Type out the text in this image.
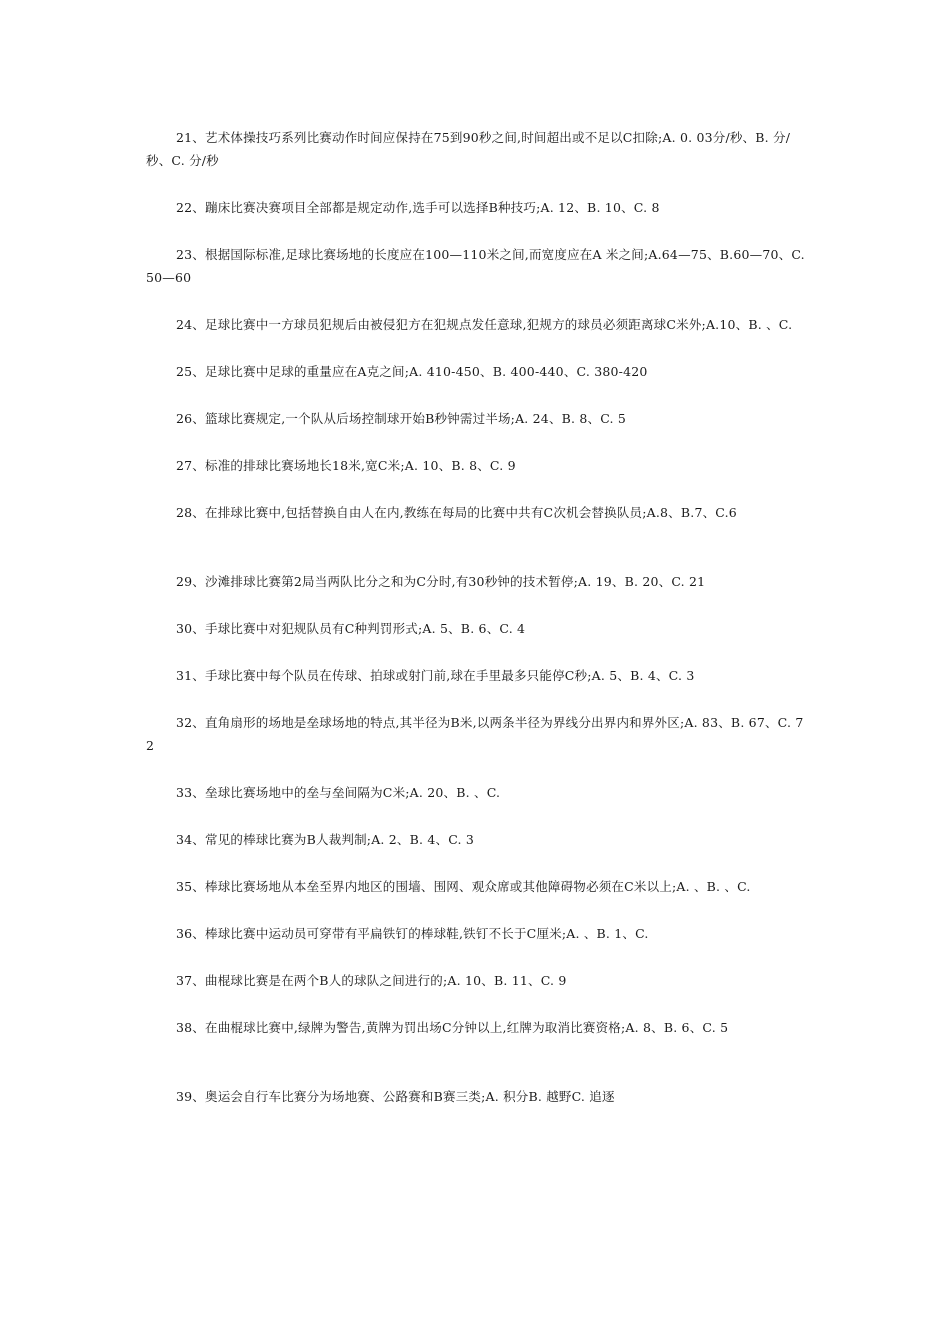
21、艺术体操技巧系列比赛动作时间应保持在75到90秒之间,时间超出或不足以C扣除;A. 0. 03分/秒、B. 分/秒、C. 分/秒

22、蹦床比赛决赛项目全部都是规定动作,选手可以选择B种技巧;A. 12、B. 10、C. 8

23、根据国际标准,足球比赛场地的长度应在100—110米之间,而宽度应在A 米之间;A.64—75、B.60—70、C. 50—60

24、足球比赛中一方球员犯规后由被侵犯方在犯规点发任意球,犯规方的球员必须距离球C米外;A.10、B. 、C.

25、足球比赛中足球的重量应在A克之间;A. 410-450、B. 400-440、C. 380-420

26、篮球比赛规定,一个队从后场控制球开始B秒钟需过半场;A. 24、B. 8、C. 5

27、标准的排球比赛场地长18米,宽C米;A. 10、B. 8、C. 9

28、在排球比赛中,包括替换自由人在内,教练在每局的比赛中共有C次机会替换队员;A.8、B.7、C.6

29、沙滩排球比赛第2局当两队比分之和为C分时,有30秒钟的技术暂停;A. 19、B. 20、C. 21

30、手球比赛中对犯规队员有C种判罚形式;A. 5、B. 6、C. 4

31、手球比赛中每个队员在传球、拍球或射门前,球在手里最多只能停C秒;A. 5、B. 4、C. 3

32、直角扇形的场地是垒球场地的特点,其半径为B米,以两条半径为界线分出界内和界外区;A. 83、B. 67、C. 72

33、垒球比赛场地中的垒与垒间隔为C米;A. 20、B. 、C.

34、常见的棒球比赛为B人裁判制;A. 2、B. 4、C. 3

35、棒球比赛场地从本垒至界内地区的围墙、围网、观众席或其他障碍物必须在C米以上;A. 、B. 、C.

36、棒球比赛中运动员可穿带有平扁铁钉的棒球鞋,铁钉不长于C厘米;A. 、B. 1、C.

37、曲棍球比赛是在两个B人的球队之间进行的;A. 10、B. 11、C. 9

38、在曲棍球比赛中,绿牌为警告,黄牌为罚出场C分钟以上,红牌为取消比赛资格;A. 8、B. 6、C. 5

39、奥运会自行车比赛分为场地赛、公路赛和B赛三类;A. 积分B. 越野C. 追逐
